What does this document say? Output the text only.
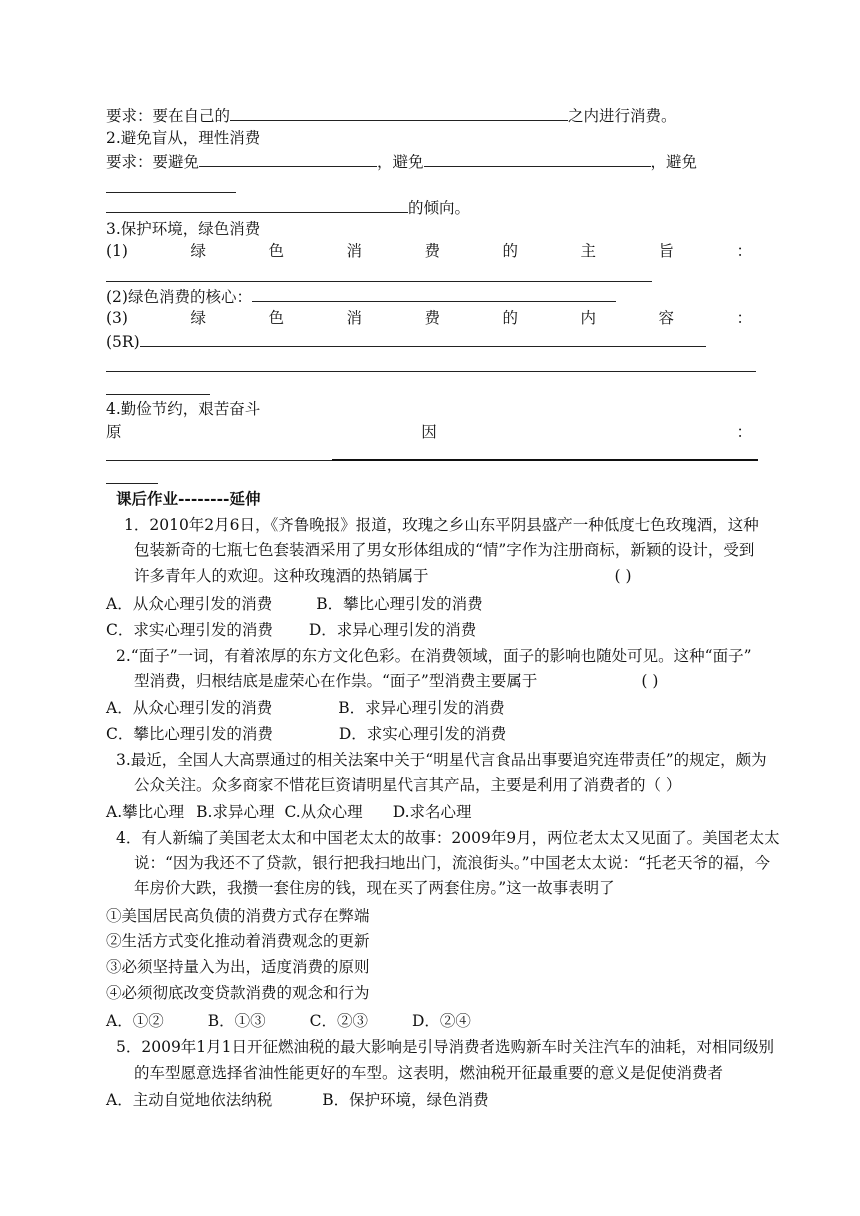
要求：要在自己的	之内进行消费。
2.避免盲从，理性消费
要求：要避免	，避免	，避免
的倾向。
3.保护环境，绿色消费
(1)	绿	色	消	费	的	主	旨	：
(2)绿色消费的核心：
(3)	绿	色	消	费	的	内	容	：
(5R)
4.勤俭节约，艰苦奋斗
原	因	：
课后作业--------延伸
1．2010年2月6日，《齐鲁晚报》报道，玫瑰之乡山东平阴县盛产一种低度七色玫瑰酒，这种
包装新奇的七瓶七色套装酒采用了男女形体组成的“情”字作为注册商标，新颖的设计，受到
许多青年人的欢迎。这种玫瑰酒的热销属于	( )
A．从众心理引发的消费	B．攀比心理引发的消费
C．求实心理引发的消费 D．求异心理引发的消费
2.“面子”一词，有着浓厚的东方文化色彩。在消费领域，面子的影响也随处可见。这种“面子”
型消费，归根结底是虚荣心在作祟。“面子”型消费主要属于	( )
A．从众心理引发的消费	B．求异心理引发的消费
C．攀比心理引发的消费	D．求实心理引发的消费
3.最近，全国人大高票通过的相关法案中关于“明星代言食品出事要追究连带责任”的规定，颇为
公众关注。众多商家不惜花巨资请明星代言其产品，主要是利用了消费者的（ ）
A.攀比心理 B.求异心理 C.从众心理 D.求名心理
4．有人新编了美国老太太和中国老太太的故事：2009年9月，两位老太太又见面了。美国老太太
说：“因为我还不了贷款，银行把我扫地出门，流浪街头。”中国老太太说：“托老天爷的福，今
年房价大跌，我攒一套住房的钱，现在买了两套住房。”这一故事表明了
①美国居民高负债的消费方式存在弊端
②生活方式变化推动着消费观念的更新
③必须坚持量入为出，适度消费的原则
④必须彻底改变贷款消费的观念和行为
A．①②	B．①③	C．②③	D．②④
5．2009年1月1日开征燃油税的最大影响是引导消费者选购新车时关注汽车的油耗，对相同级别
的车型愿意选择省油性能更好的车型。这表明，燃油税开征最重要的意义是促使消费者
A．主动自觉地依法纳税	B．保护环境，绿色消费
